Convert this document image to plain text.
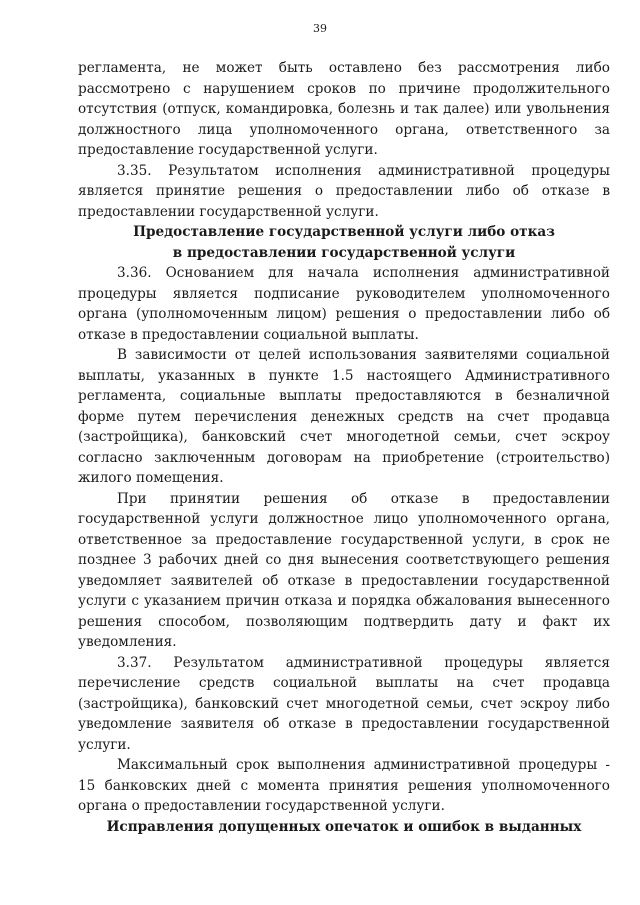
39

регламента, не может быть оставлено без рассмотрения либо рассмотрено с нарушением сроков по причине продолжительного отсутствия (отпуск, командировка, болезнь и так далее) или увольнения должностного лица уполномоченного органа, ответственного за предоставление государственной услуги.

3.35. Результатом исполнения административной процедуры является принятие решения о предоставлении либо об отказе в предоставлении государственной услуги.

Предоставление государственной услуги либо отказ
в предоставлении государственной услуги

3.36. Основанием для начала исполнения административной процедуры является подписание руководителем уполномоченного органа (уполномоченным лицом) решения о предоставлении либо об отказе в предоставлении социальной выплаты.

В зависимости от целей использования заявителями социальной выплаты, указанных в пункте 1.5 настоящего Административного регламента, социальные выплаты предоставляются в безналичной форме путем перечисления денежных средств на счет продавца (застройщика), банковский счет многодетной семьи, счет эскроу согласно заключенным договорам на приобретение (строительство) жилого помещения.

При принятии решения об отказе в предоставлении государственной услуги должностное лицо уполномоченного органа, ответственное за предоставление государственной услуги, в срок не позднее 3 рабочих дней со дня вынесения соответствующего решения уведомляет заявителей об отказе в предоставлении государственной услуги с указанием причин отказа и порядка обжалования вынесенного решения способом, позволяющим подтвердить дату и факт их уведомления.

3.37. Результатом административной процедуры является перечисление средств социальной выплаты на счет продавца (застройщика), банковский счет многодетной семьи, счет эскроу либо уведомление заявителя об отказе в предоставлении государственной услуги.

Максимальный срок выполнения административной процедуры - 15 банковских дней с момента принятия решения уполномоченного органа о предоставлении государственной услуги.

Исправления допущенных опечаток и ошибок в выданных
